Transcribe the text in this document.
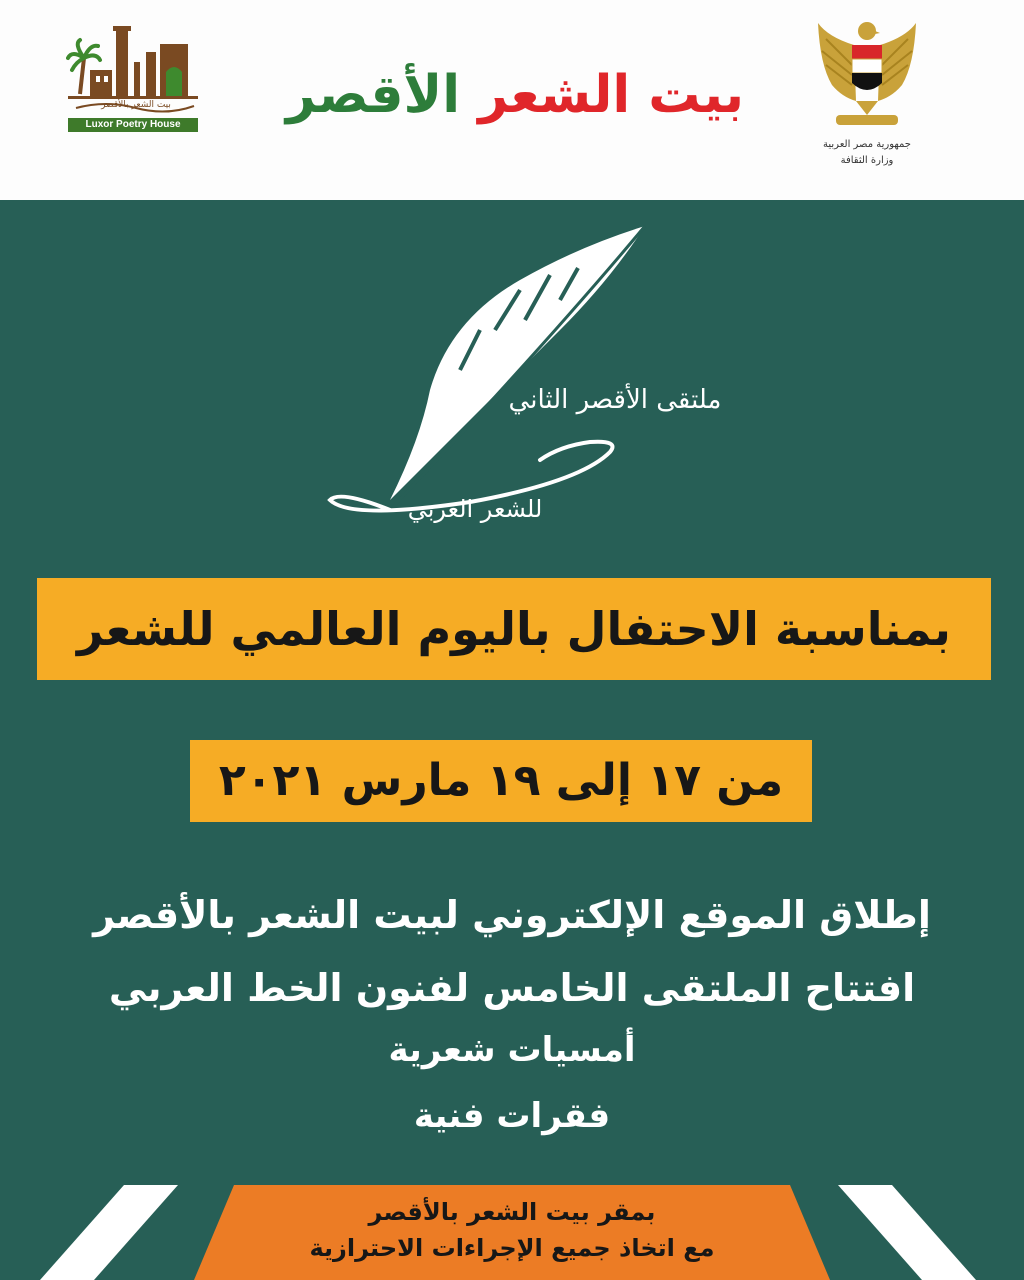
بيت الشعر بالأقصر
Luxor Poetry House	بيت الشعر الأقصر
جمهورية مصر العربية
وزارة الثقافة
ملتقى الأقصر الثاني
للشعر العربي
بمناسبة الاحتفال باليوم العالمي للشعر
من ١٧ إلى ١٩ مارس ٢٠٢١
إطلاق الموقع الإلكتروني لبيت الشعر بالأقصر
افتتاح الملتقى الخامس لفنون الخط العربي
أمسيات شعرية
فقرات فنية
بمقر بيت الشعر بالأقصر
مع اتخاذ جميع الإجراءات الاحترازية
